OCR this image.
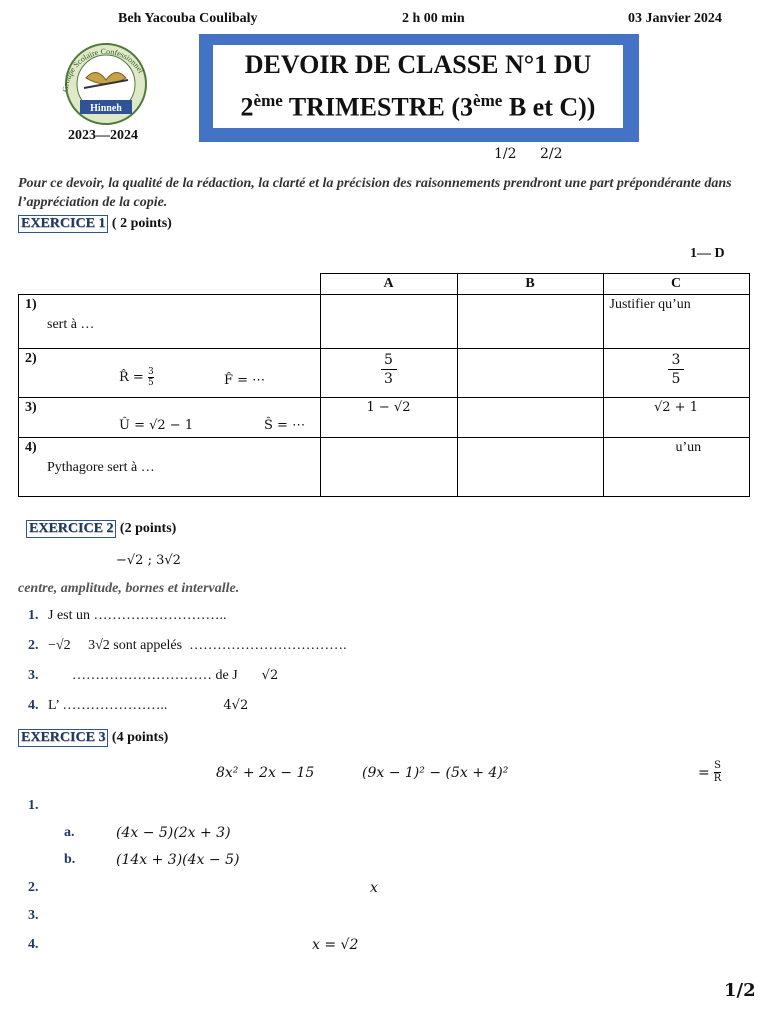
Beh Yacouba Coulibaly	2 h 00 min	03 Janvier 2024
Groupe Scolaire Confessionnel
Hinneh
2023—2024
DEVOIR DE CLASSE N°1 DU
2ème TRIMESTRE (3ème B et C))
1/2 2/2
Pour ce devoir, la qualité de la rédaction, la clarté et la précision des raisonnements prendront une part prépondérante dans l’appréciation de la copie.
EXERCICE 1 ( 2 points)
1— D
	A	B	C

1)
sert à …			Justifier qu’un

2)
R̂ = $\frac{3}{5}$ F̂ = ⋯	$\frac{5}{3}$		$\frac{3}{5}$

3)
Û = √2 − 1 Ŝ = ⋯	1 − √2		√2 + 1

4)
Pythagore sert à …			u’un
EXERCICE 2 (2 points)
−√2 ; 3√2
centre, amplitude, bornes et intervalle.
1. J est un ………………………..
2. −√2     3√2 sont appelés  …………………………….
3. ………………………… de J √2
4. L’ …………………..	4√2
EXERCICE 3 (4 points)
8x² + 2x − 15	(9x − 1)² − (5x + 4)²	= S
R
1.
a.	(4x − 5)(2x + 3)
b.	(14x + 3)(4x − 5)
2.	x
3.
4.	x = √2
1/2
